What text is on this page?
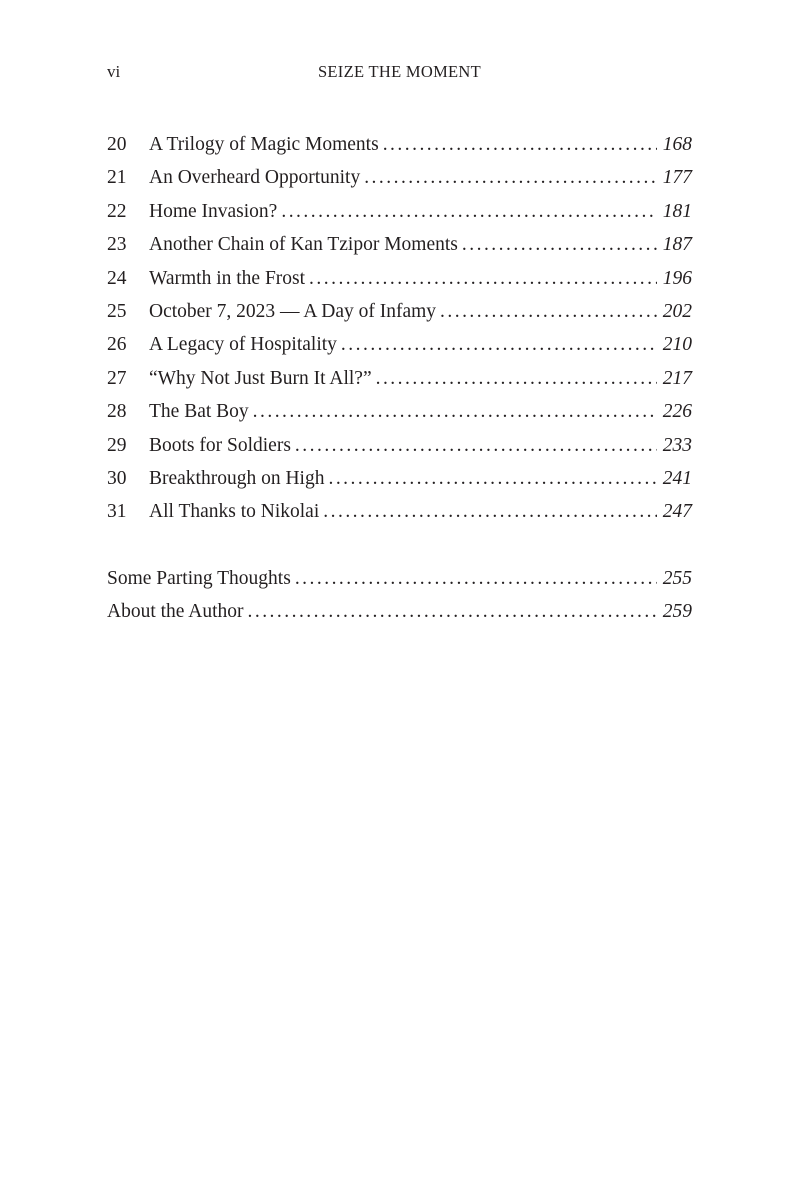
vi	SEIZE THE MOMENT
20	A Trilogy of Magic Moments . . .	168
21	An Overheard Opportunity . . .	177
22	Home Invasion? . . .	181
23	Another Chain of Kan Tzipor Moments . . .	187
24	Warmth in the Frost . . .	196
25	October 7, 2023 — A Day of Infamy . . .	202
26	A Legacy of Hospitality . . .	210
27	“Why Not Just Burn It All?” . . .	217
28	The Bat Boy . . .	226
29	Boots for Soldiers . . .	233
30	Breakthrough on High . . .	241
31	All Thanks to Nikolai . . .	247
Some Parting Thoughts . . .	255
About the Author . . .	259
